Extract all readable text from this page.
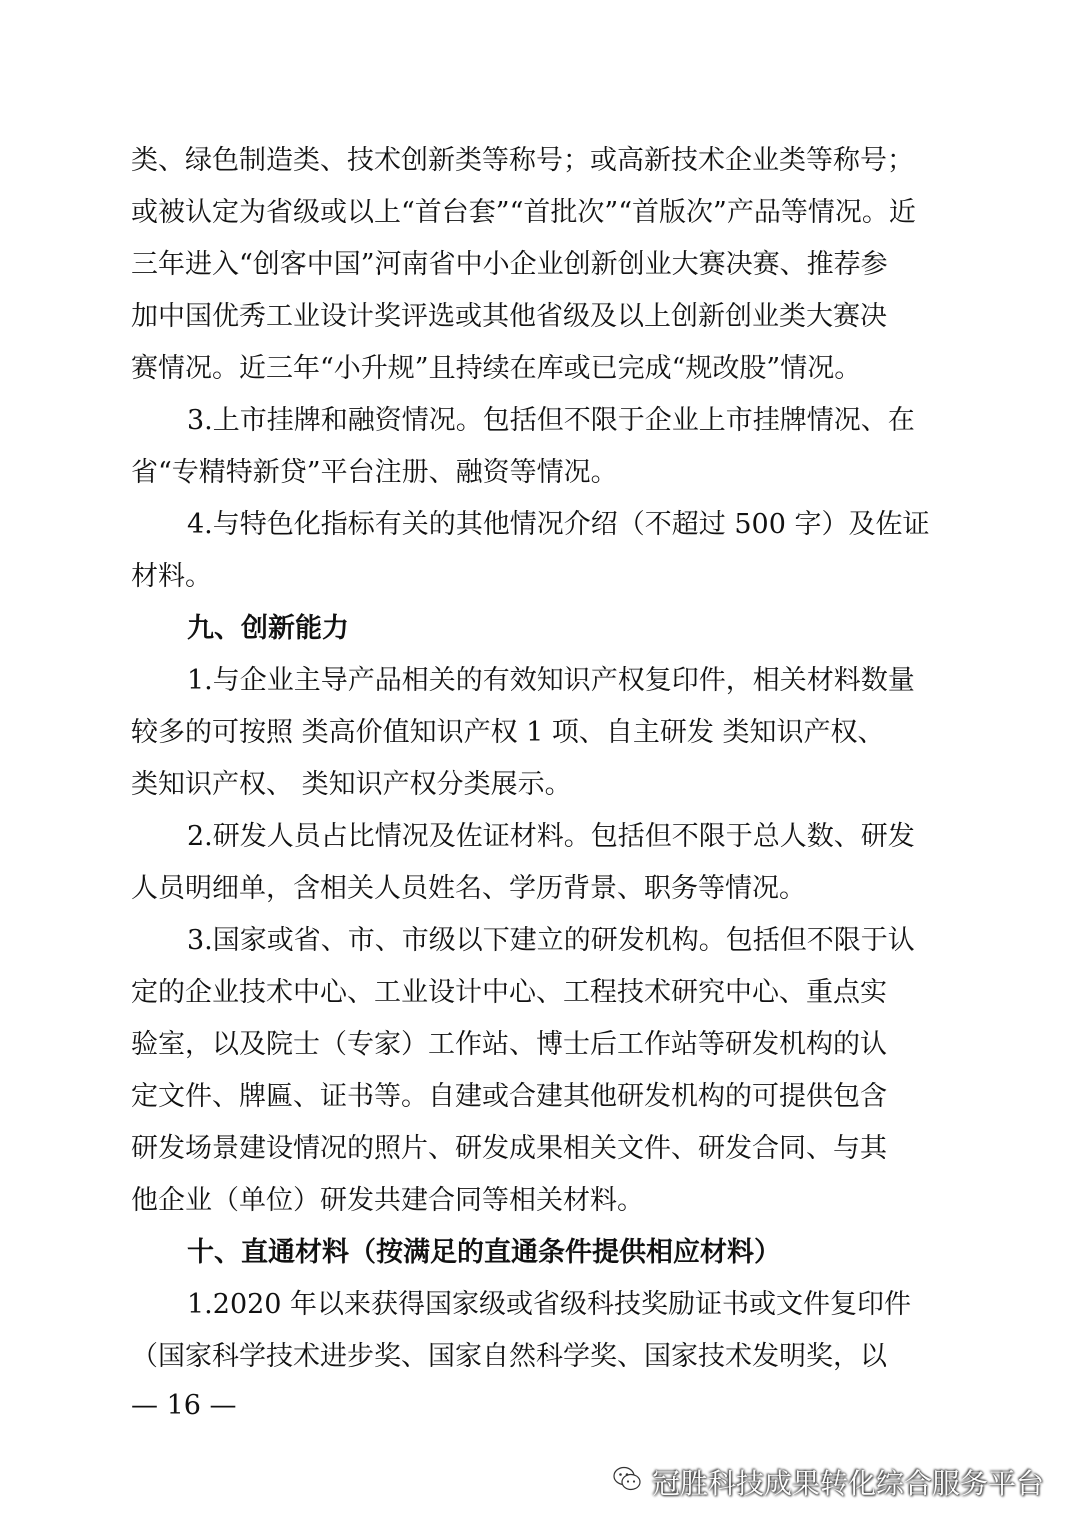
类、绿色制造类、技术创新类等称号；或高新技术企业类等称号；
或被认定为省级或以上“首台套”“首批次”“首版次”产品等情况。近
三年进入“创客中国”河南省中小企业创新创业大赛决赛、推荐参
加中国优秀工业设计奖评选或其他省级及以上创新创业类大赛决
赛情况。近三年“小升规”且持续在库或已完成“规改股”情况。
3.上市挂牌和融资情况。包括但不限于企业上市挂牌情况、在
省“专精特新贷”平台注册、融资等情况。
4.与特色化指标有关的其他情况介绍（不超过 500 字）及佐证
材料。
九、创新能力
1.与企业主导产品相关的有效知识产权复印件，相关材料数量
较多的可按照 类高价值知识产权 1 项、自主研发 类知识产权、
类知识产权、 类知识产权分类展示。
2.研发人员占比情况及佐证材料。包括但不限于总人数、研发
人员明细单，含相关人员姓名、学历背景、职务等情况。
3.国家或省、市、市级以下建立的研发机构。包括但不限于认
定的企业技术中心、工业设计中心、工程技术研究中心、重点实
验室，以及院士（专家）工作站、博士后工作站等研发机构的认
定文件、牌匾、证书等。自建或合建其他研发机构的可提供包含
研发场景建设情况的照片、研发成果相关文件、研发合同、与其
他企业（单位）研发共建合同等相关材料。
十、直通材料（按满足的直通条件提供相应材料）
1.2020 年以来获得国家级或省级科技奖励证书或文件复印件
（国家科学技术进步奖、国家自然科学奖、国家技术发明奖，以
— 16 —
冠胜科技成果转化综合服务平台
